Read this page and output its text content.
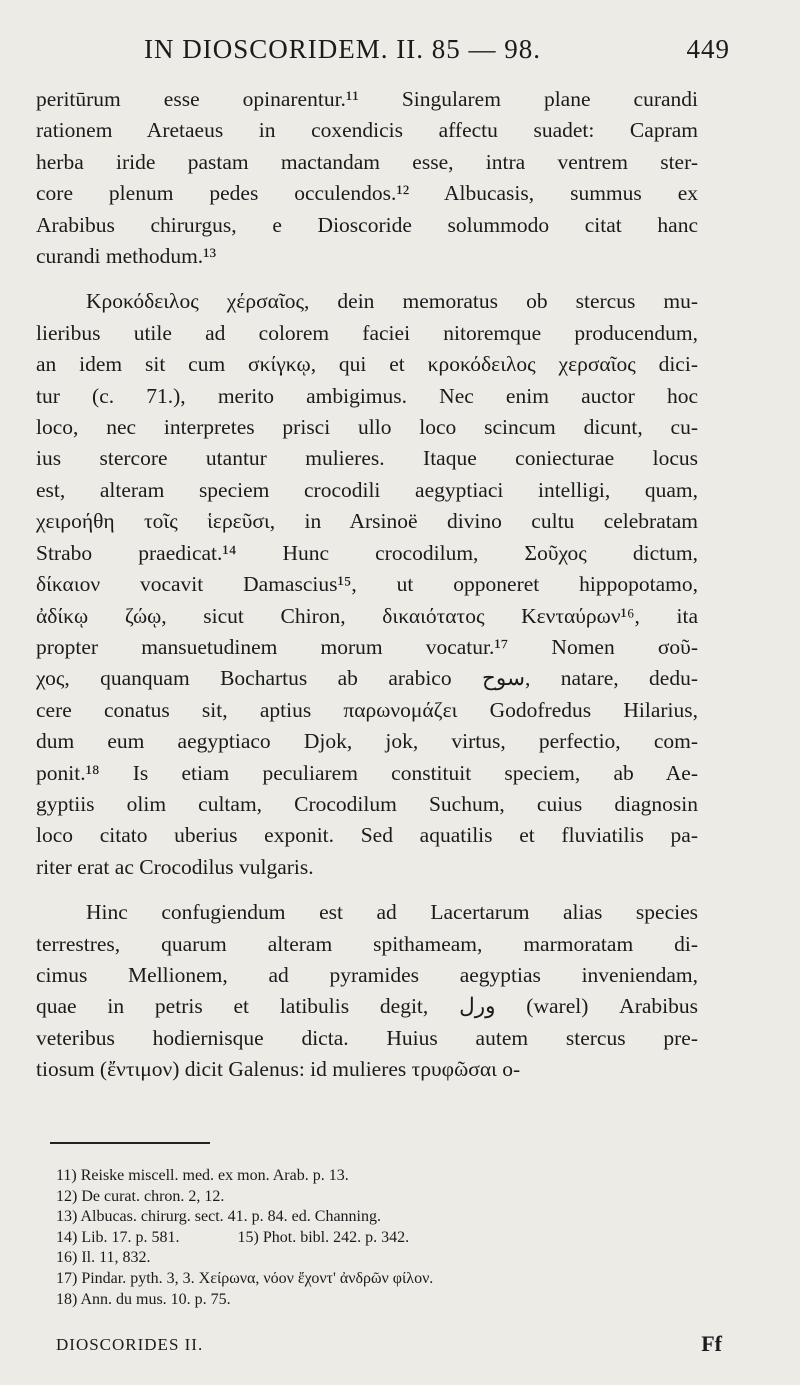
IN DIOSCORIDEM. II. 85 — 98.	449
peritūrum esse opinarentur.¹¹ Singularem plane curandi
rationem Aretaeus in coxendicis affectu suadet: Capram
herba iride pastam mactandam esse, intra ventrem ster-
core plenum pedes occulendos.¹² Albucasis, summus ex
Arabibus chirurgus, e Dioscoride solummodo citat hanc
curandi methodum.¹³
Κροκόδειλος χέρσαῖος, dein memoratus ob stercus mu-
lieribus utile ad colorem faciei nitoremque producendum,
an idem sit cum σκίγκῳ, qui et κροκόδειλος χερσαῖος dici-
tur (c. 71.), merito ambigimus. Nec enim auctor hoc
loco, nec interpretes prisci ullo loco scincum dicunt, cu-
ius stercore utantur mulieres. Itaque coniecturae locus
est, alteram speciem crocodili aegyptiaci intelligi, quam,
χειροήθη τοῖς ἱερεῦσι, in Arsinoë divino cultu celebratam
Strabo praedicat.¹⁴ Hunc crocodilum, Σοῦχος dictum,
δίκαιον vocavit Damascius¹⁵, ut opponeret hippopotamo,
ἀδίκῳ ζώῳ, sicut Chiron, δικαιότατος Κενταύρων¹⁶, ita
propter mansuetudinem morum vocatur.¹⁷ Nomen σοῦ-
χος, quanquam Bochartus ab arabico سوح, natare, dedu-
cere conatus sit, aptius παρωνομάζει Godofredus Hilarius,
dum eum aegyptiaco Djok, jok, virtus, perfectio, com-
ponit.¹⁸ Is etiam peculiarem constituit speciem, ab Ae-
gyptiis olim cultam, Crocodilum Suchum, cuius diagnosin
loco citato uberius exponit. Sed aquatilis et fluviatilis pa-
riter erat ac Crocodilus vulgaris.
Hinc confugiendum est ad Lacertarum alias species
terrestres, quarum alteram spithameam, marmoratam di-
cimus Mellionem, ad pyramides aegyptias inveniendam,
quae in petris et latibulis degit, ورل (warel) Arabibus
veteribus hodiernisque dicta. Huius autem stercus pre-
tiosum (ἔντιμον) dicit Galenus: id mulieres τρυφῶσαι ο-
11) Reiske miscell. med. ex mon. Arab. p. 13.
12) De curat. chron. 2, 12.
13) Albucas. chirurg. sect. 41. p. 84. ed. Channing.
14) Lib. 17. p. 581.	15) Phot. bibl. 242. p. 342.
16) Il. 11, 832.
17) Pindar. pyth. 3, 3. Χείρωνα, νόον ἔχοντ' ἀνδρῶν φίλον.
18) Ann. du mus. 10. p. 75.
DIOSCORIDES II.	Ff
